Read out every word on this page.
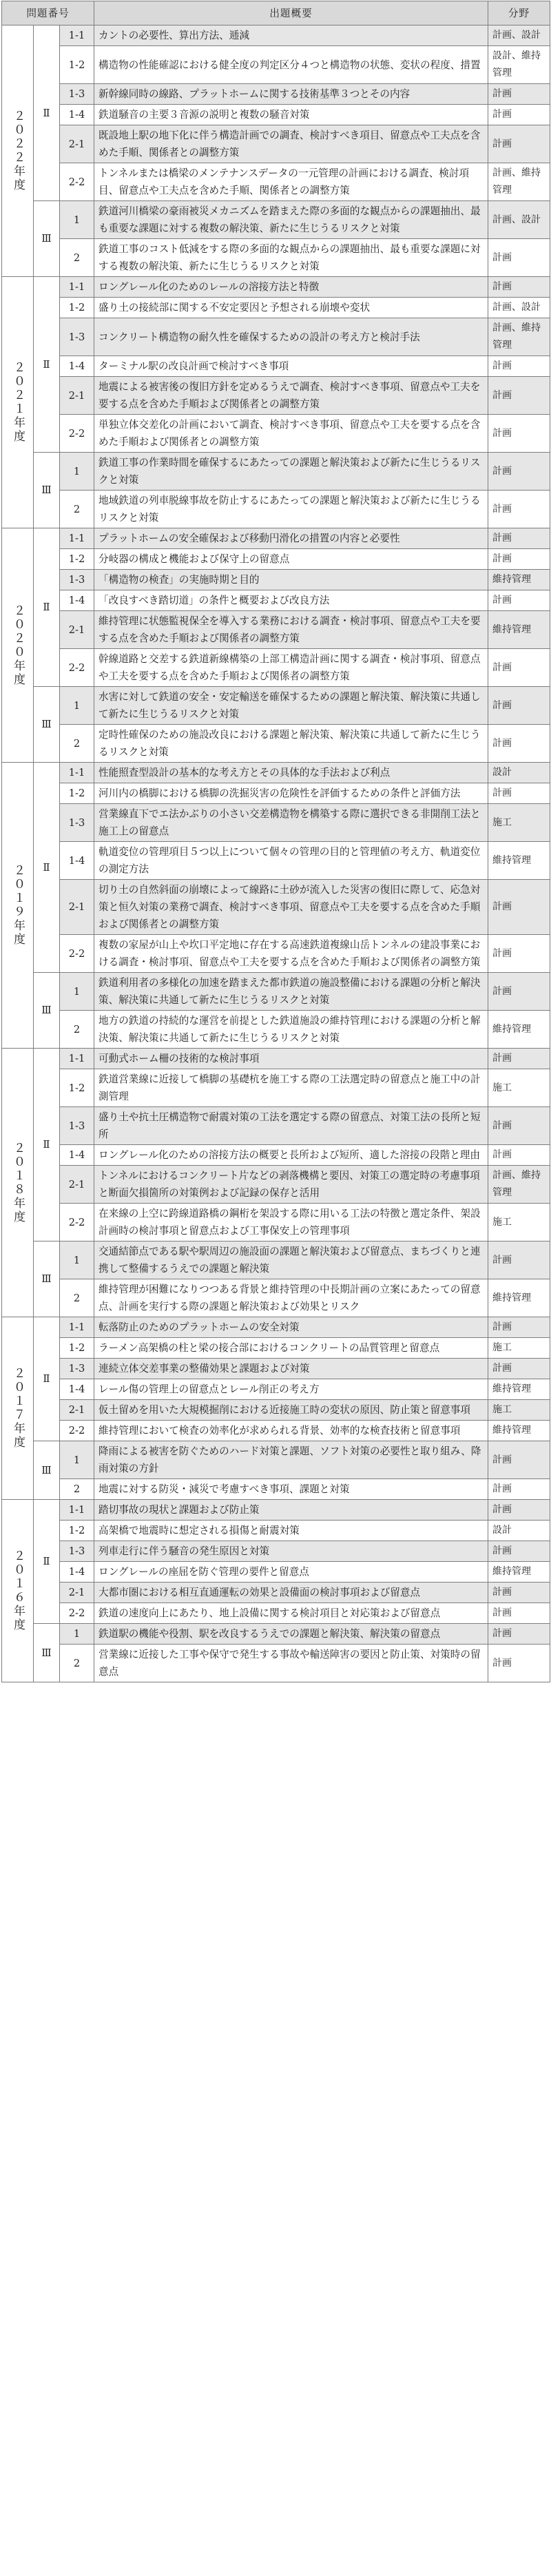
問題番号			出題概要	分野
２０２２年度	Ⅱ	1-1	カントの必要性、算出方法、逓減	計画、設計
		1-2	構造物の性能確認における健全度の判定区分４つと構造物の状態、変状の程度、措置	設計、維持管理
		1-3	新幹線同時の線路、プラットホームに関する技術基準３つとその内容	計画
		1-4	鉄道騒音の主要３音源の説明と複数の騒音対策	計画
		2-1	既設地上駅の地下化に伴う構造計画での調査、検討すべき項目、留意点や工夫点を含めた手順、関係者との調整方策	計画
		2-2	トンネルまたは橋梁のメンテナンスデータの一元管理の計画における調査、検討項目、留意点や工夫点を含めた手順、関係者との調整方策	計画、維持管理
	Ⅲ	1	鉄道河川橋梁の豪雨被災メカニズムを踏まえた際の多面的な観点からの課題抽出、最も重要な課題に対する複数の解決策、新たに生じうるリスクと対策	計画、設計
		2	鉄道工事のコスト低減をする際の多面的な観点からの課題抽出、最も重要な課題に対する複数の解決策、新たに生じうるリスクと対策	計画
２０２１年度	Ⅱ	1-1	ロングレール化のためのレールの溶接方法と特徴	計画
		1-2	盛り土の接続部に関する不安定要因と予想される崩壊や変状	計画、設計
		1-3	コンクリート構造物の耐久性を確保するための設計の考え方と検討手法	計画、維持管理
		1-4	ターミナル駅の改良計画で検討すべき事項	計画
		2-1	地震による被害後の復旧方針を定めるうえで調査、検討すべき事項、留意点や工夫を要する点を含めた手順および関係者との調整方策	計画
		2-2	単独立体交差化の計画において調査、検討すべき事項、留意点や工夫を要する点を含めた手順および関係者との調整方策	計画
	Ⅲ	1	鉄道工事の作業時間を確保するにあたっての課題と解決策および新たに生じうるリスクと対策	計画
		2	地域鉄道の列車脱線事故を防止するにあたっての課題と解決策および新たに生じうるリスクと対策	計画
２０２０年度	Ⅱ	1-1	プラットホームの安全確保および移動円滑化の措置の内容と必要性	計画
		1-2	分岐器の構成と機能および保守上の留意点	計画
		1-3	「構造物の検査」の実施時期と目的	維持管理
		1-4	「改良すべき踏切道」の条件と概要および改良方法	計画
		2-1	維持管理に状態監視保全を導入する業務における調査・検討事項、留意点や工夫を要する点を含めた手順および関係者の調整方策	維持管理
		2-2	幹線道路と交差する鉄道新線構築の上部工構造計画に関する調査・検討事項、留意点や工夫を要する点を含めた手順および関係者の調整方策	計画
	Ⅲ	1	水害に対して鉄道の安全・安定輸送を確保するための課題と解決策、解決策に共通して新たに生じうるリスクと対策	計画
		2	定時性確保のための施設改良における課題と解決策、解決策に共通して新たに生じうるリスクと対策	計画
２０１９年度	Ⅱ	1-1	性能照査型設計の基本的な考え方とその具体的な手法および利点	設計
		1-2	河川内の橋脚における橋脚の洗掘災害の危険性を評価するための条件と評価方法	計画
		1-3	営業線直下でエ法かぶりの小さい交差構造物を構築する際に選択できる非開削工法と施工上の留意点	施工
		1-4	軌道変位の管理項目５つ以上について個々の管理の目的と管理値の考え方、軌道変位の測定方法	維持管理
		2-1	切り土の自然斜面の崩壊によって線路に土砂が流入した災害の復旧に際して、応急対策と恒久対策の業務で調査、検討すべき事項、留意点や工夫を要する点を含めた手順および関係者との調整方策	計画
		2-2	複数の家屋が山上や坎口平定地に存在する高速鉄道複線山岳トンネルの建設事業における調査・検討事項、留意点や工夫を要する点を含めた手順および関係者の調整方策	計画
	Ⅲ	1	鉄道利用者の多様化の加速を踏まえた都市鉄道の施設整備における課題の分析と解決策、解決策に共通して新たに生じうるリスクと対策	計画
		2	地方の鉄道の持続的な運営を前提とした鉄道施設の維持管理における課題の分析と解決策、解決策に共通して新たに生じうるリスクと対策	維持管理
２０１８年度	Ⅱ	1-1	可動式ホーム柵の技術的な検討事項	計画
		1-2	鉄道営業線に近接して橋脚の基礎杭を施工する際の工法選定時の留意点と施工中の計測管理	施工
		1-3	盛り土や抗土圧構造物で耐震対策の工法を選定する際の留意点、対策工法の長所と短所	計画
		1-4	ロングレール化のための溶接方法の概要と長所および短所、適した溶接の段階と理由	計画
		2-1	トンネルにおけるコンクリート片などの剥落機構と要因、対策工の選定時の考慮事項と断面欠損箇所の対策例および記録の保存と活用	計画、維持管理
		2-2	在来線の上空に跨線道路橋の鋼桁を架設する際に用いる工法の特徴と選定条件、架設計画時の検討事項と留意点および工事保安上の管理事項	施工
	Ⅲ	1	交通結節点である駅や駅周辺の施設面の課題と解決策および留意点、まちづくりと連携して整備するうえでの課題と解決策	計画
		2	維持管理が困難になりつつある背景と維持管理の中長期計画の立案にあたっての留意点、計画を実行する際の課題と解決策および効果とリスク	維持管理
２０１７年度	Ⅱ	1-1	転落防止のためのプラットホームの安全対策	計画
		1-2	ラーメン高架橋の柱と梁の接合部におけるコンクリートの品質管理と留意点	施工
		1-3	連続立体交差事業の整備効果と課題および対策	計画
		1-4	レール傷の管理上の留意点とレール削正の考え方	維持管理
		2-1	仮土留めを用いた大規模掘削における近接施工時の変状の原因、防止策と留意事項	施工
		2-2	維持管理において検査の効率化が求められる背景、効率的な検査技術と留意事項	維持管理
	Ⅲ	1	降雨による被害を防ぐためのハード対策と課題、ソフト対策の必要性と取り組み、降雨対策の方針	計画
		2	地震に対する防災・減災で考慮すべき事項、課題と対策	計画
２０１６年度	Ⅱ	1-1	踏切事故の現状と課題および防止策	計画
		1-2	高架橋で地震時に想定される損傷と耐震対策	設計
		1-3	列車走行に伴う騒音の発生原因と対策	計画
		1-4	ロングレールの座屈を防ぐ管理の要件と留意点	維持管理
		2-1	大都市圏における相互直通運転の効果と設備面の検討事項および留意点	計画
		2-2	鉄道の速度向上にあたり、地上設備に関する検討項目と対応策および留意点	計画
	Ⅲ	1	鉄道駅の機能や役割、駅を改良するうえでの課題と解決策、解決策の留意点	計画
		2	営業線に近接した工事や保守で発生する事故や輸送障害の要因と防止策、対策時の留意点	計画
